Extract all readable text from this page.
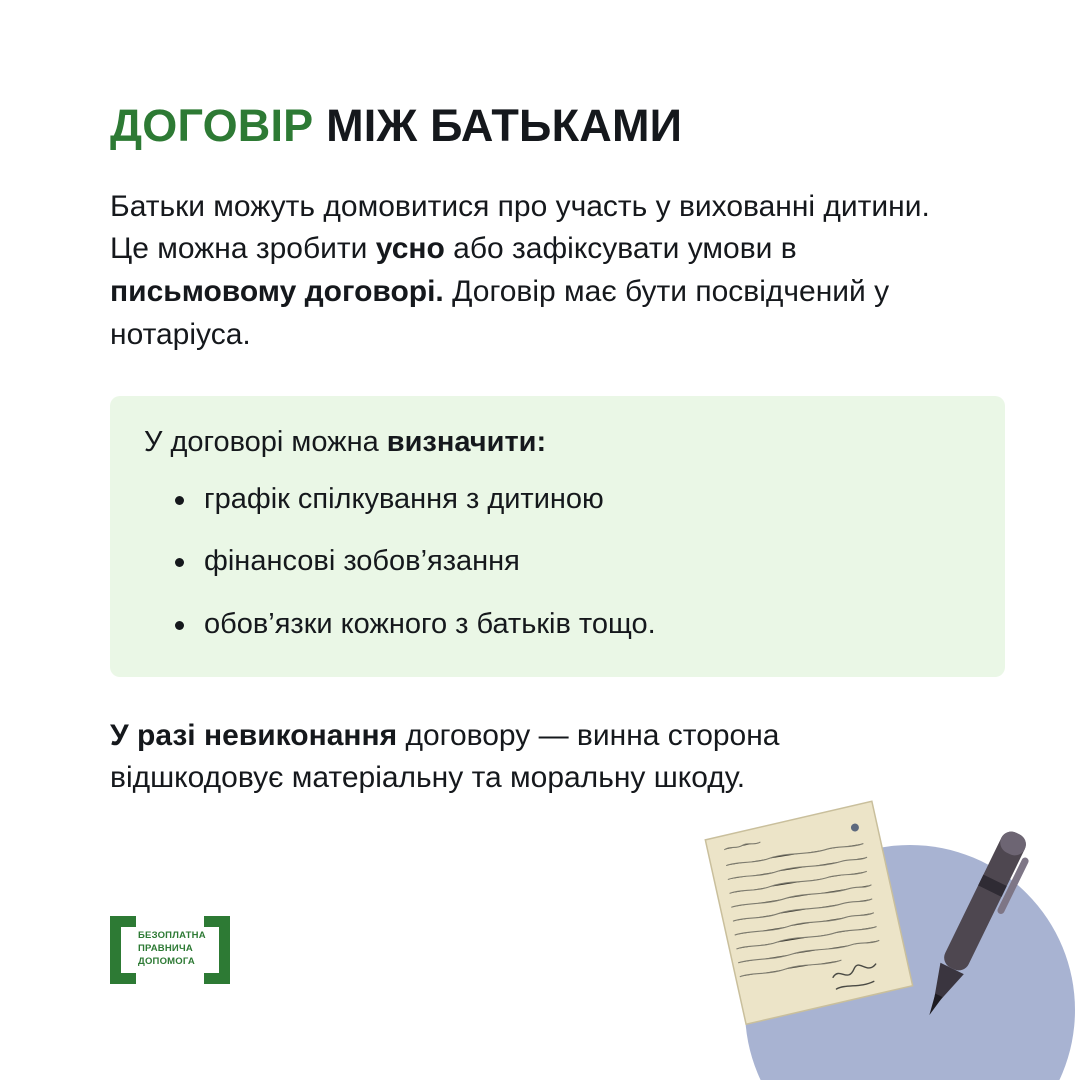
ДОГОВІР МІЖ БАТЬКАМИ

Батьки можуть домовитися про участь у вихованні дитини. Це можна зробити усно або зафіксувати умови в письмовому договорі. Договір має бути посвідчений у нотаріуса.

У договорі можна визначити:

графік спілкування з дитиною
фінансові зобов’язання
обов’язки кожного з батьків тощо.

У разі невиконання договору — винна сторона відшкодовує матеріальну та моральну шкоду.

БЕЗОПЛАТНА
ПРАВНИЧА
ДОПОМОГА
